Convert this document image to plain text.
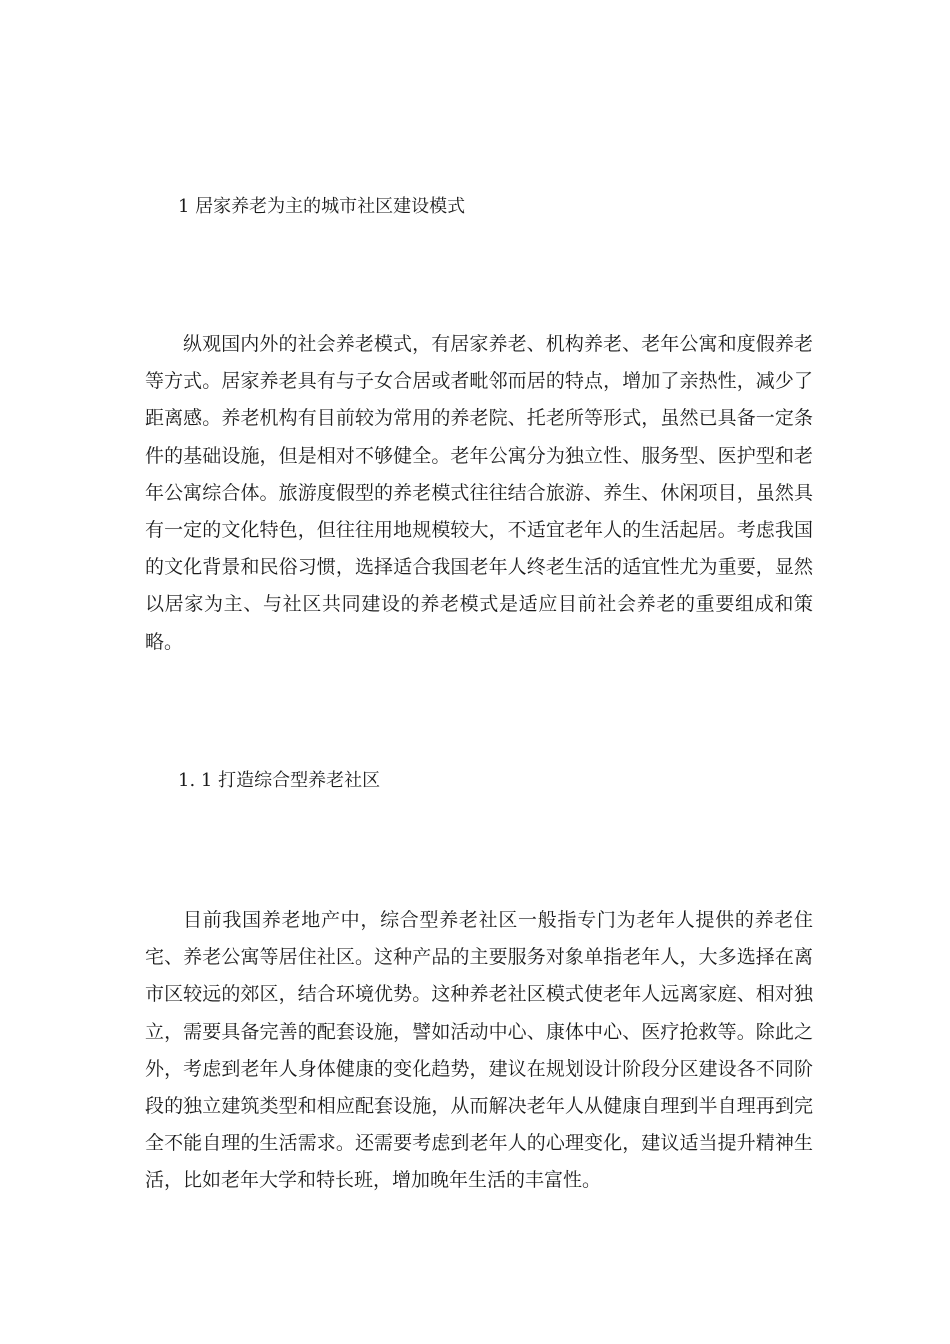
1 居家养老为主的城市社区建设模式

纵观国内外的社会养老模式，有居家养老、机构养老、老年公寓和度假养老等方式。居家养老具有与子女合居或者毗邻而居的特点，增加了亲热性，减少了距离感。养老机构有目前较为常用的养老院、托老所等形式，虽然已具备一定条件的基础设施，但是相对不够健全。老年公寓分为独立性、服务型、医护型和老年公寓综合体。旅游度假型的养老模式往往结合旅游、养生、休闲项目，虽然具有一定的文化特色，但往往用地规模较大，不适宜老年人的生活起居。考虑我国的文化背景和民俗习惯，选择适合我国老年人终老生活的适宜性尤为重要，显然以居家为主、与社区共同建设的养老模式是适应目前社会养老的重要组成和策略。

1. 1 打造综合型养老社区

目前我国养老地产中，综合型养老社区一般指专门为老年人提供的养老住宅、养老公寓等居住社区。这种产品的主要服务对象单指老年人，大多选择在离市区较远的郊区，结合环境优势。这种养老社区模式使老年人远离家庭、相对独立，需要具备完善的配套设施，譬如活动中心、康体中心、医疗抢救等。除此之外，考虑到老年人身体健康的变化趋势，建议在规划设计阶段分区建设各不同阶段的独立建筑类型和相应配套设施，从而解决老年人从健康自理到半自理再到完全不能自理的生活需求。还需要考虑到老年人的心理变化，建议适当提升精神生活，比如老年大学和特长班，增加晚年生活的丰富性。
